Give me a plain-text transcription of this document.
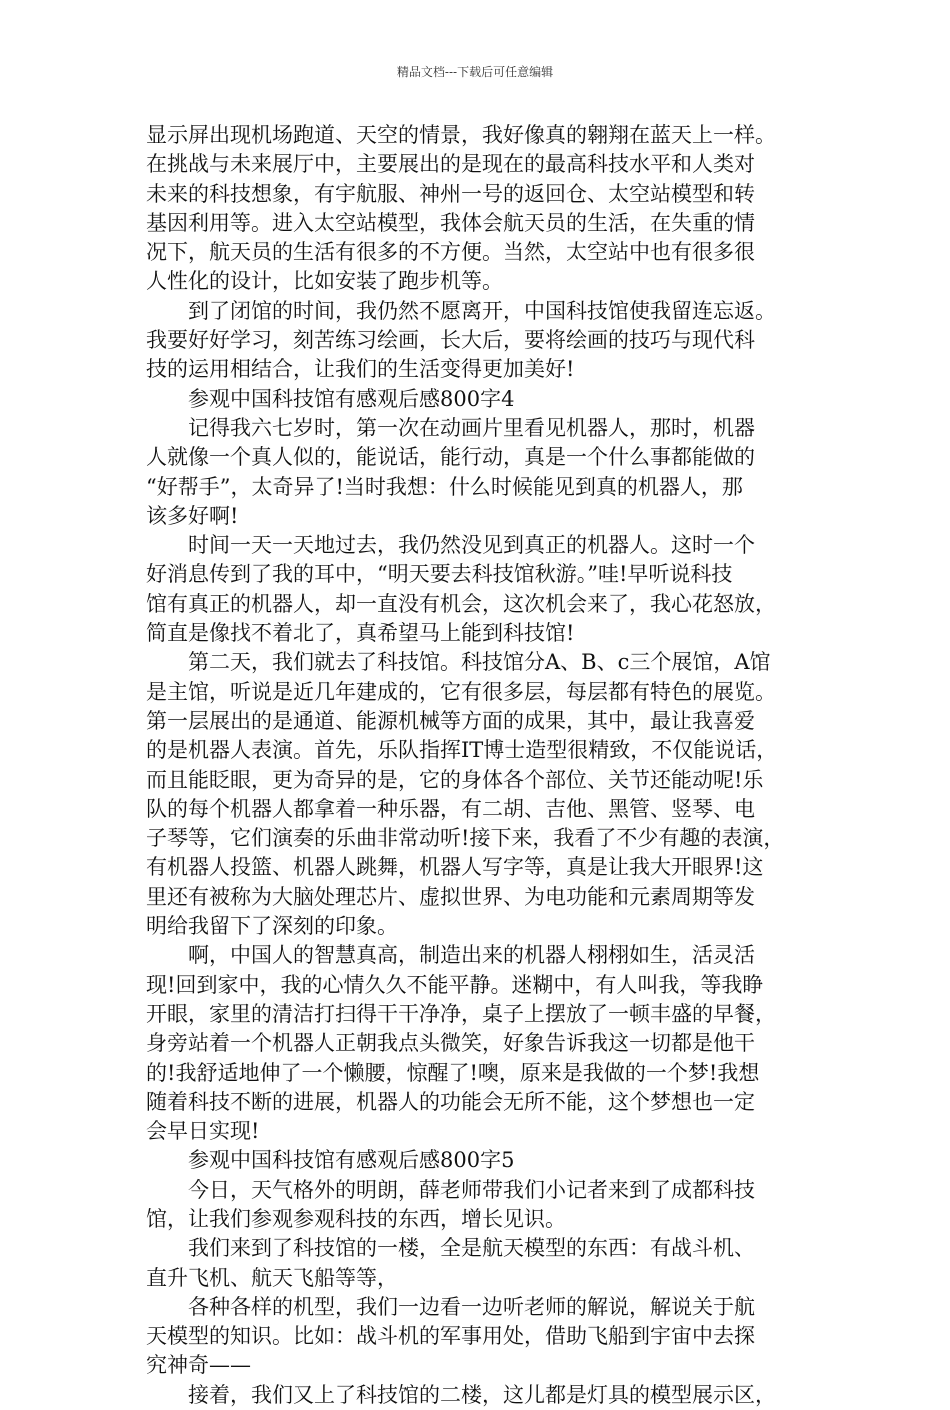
精品文档---下载后可任意编辑
显示屏出现机场跑道、天空的情景，我好像真的翱翔在蓝天上一样。
在挑战与未来展厅中，主要展出的是现在的最高科技水平和人类对
未来的科技想象，有宇航服、神州一号的返回仓、太空站模型和转
基因利用等。进入太空站模型，我体会航天员的生活，在失重的情
况下，航天员的生活有很多的不方便。当然，太空站中也有很多很
人性化的设计，比如安装了跑步机等。
到了闭馆的时间，我仍然不愿离开，中国科技馆使我留连忘返。
我要好好学习，刻苦练习绘画，长大后，要将绘画的技巧与现代科
技的运用相结合，让我们的生活变得更加美好!
参观中国科技馆有感观后感800字4
记得我六七岁时，第一次在动画片里看见机器人，那时，机器
人就像一个真人似的，能说话，能行动，真是一个什么事都能做的
“好帮手”，太奇异了!当时我想：什么时候能见到真的机器人，那
该多好啊!
时间一天一天地过去，我仍然没见到真正的机器人。这时一个
好消息传到了我的耳中，“明天要去科技馆秋游。”哇!早听说科技
馆有真正的机器人，却一直没有机会，这次机会来了，我心花怒放，
简直是像找不着北了，真希望马上能到科技馆!
第二天，我们就去了科技馆。科技馆分A、B、c三个展馆，A馆
是主馆，听说是近几年建成的，它有很多层，每层都有特色的展览。
第一层展出的是通道、能源机械等方面的成果，其中，最让我喜爱
的是机器人表演。首先，乐队指挥IT博士造型很精致，不仅能说话，
而且能眨眼，更为奇异的是，它的身体各个部位、关节还能动呢!乐
队的每个机器人都拿着一种乐器，有二胡、吉他、黑管、竖琴、电
子琴等，它们演奏的乐曲非常动听!接下来，我看了不少有趣的表演，
有机器人投篮、机器人跳舞，机器人写字等，真是让我大开眼界!这
里还有被称为大脑处理芯片、虚拟世界、为电功能和元素周期等发
明给我留下了深刻的印象。
啊，中国人的智慧真高，制造出来的机器人栩栩如生，活灵活
现!回到家中，我的心情久久不能平静。迷糊中，有人叫我，等我睁
开眼，家里的清洁打扫得干干净净，桌子上摆放了一顿丰盛的早餐，
身旁站着一个机器人正朝我点头微笑，好象告诉我这一切都是他干
的!我舒适地伸了一个懒腰，惊醒了!噢，原来是我做的一个梦!我想
随着科技不断的进展，机器人的功能会无所不能，这个梦想也一定
会早日实现!
参观中国科技馆有感观后感800字5
今日，天气格外的明朗，薛老师带我们小记者来到了成都科技
馆，让我们参观参观科技的东西，增长见识。
我们来到了科技馆的一楼，全是航天模型的东西：有战斗机、
直升飞机、航天飞船等等，
各种各样的机型，我们一边看一边听老师的解说，解说关于航
天模型的知识。比如：战斗机的军事用处，借助飞船到宇宙中去探
究神奇——
接着，我们又上了科技馆的二楼，这儿都是灯具的模型展示区，
